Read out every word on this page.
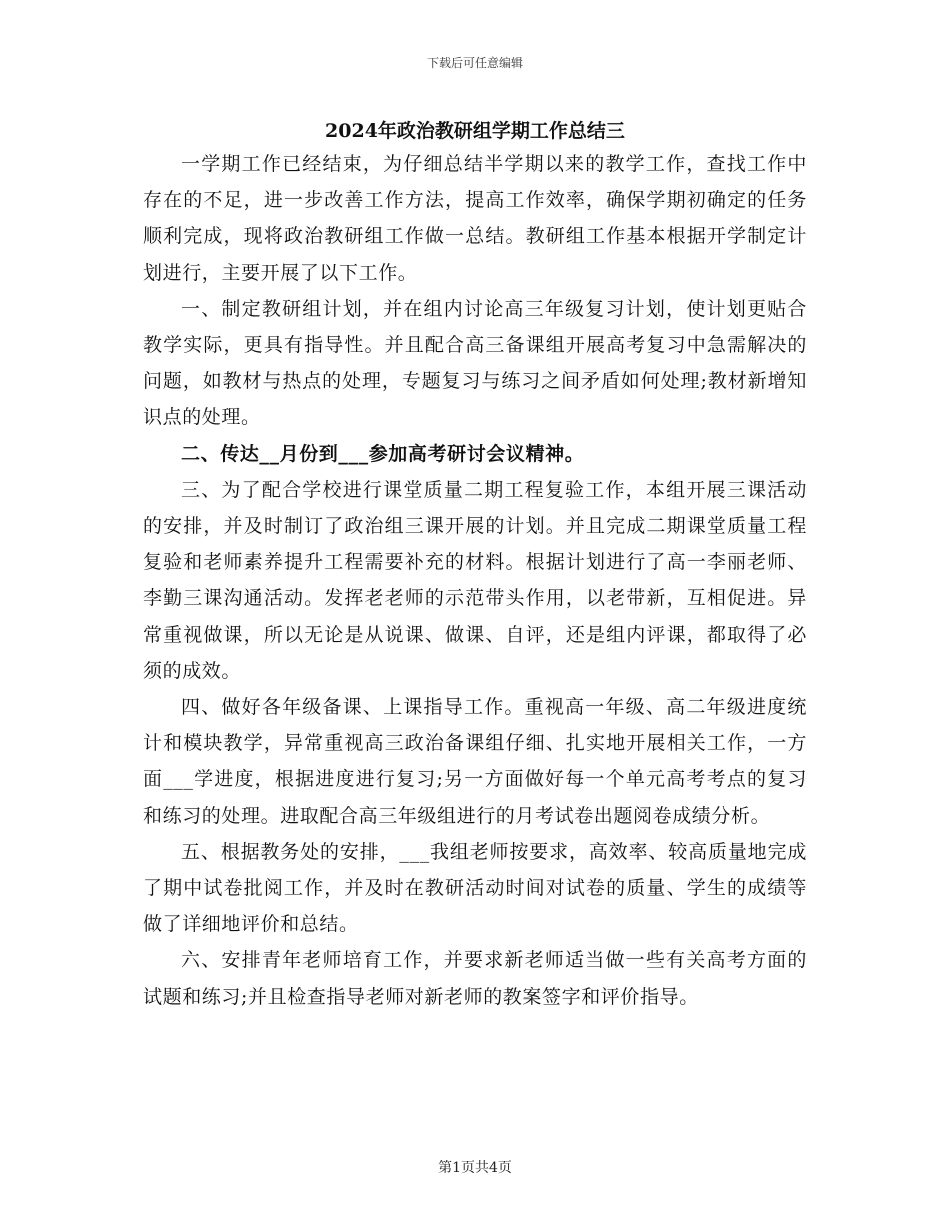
下载后可任意编辑
2024年政治教研组学期工作总结三

一学期工作已经结束，为仔细总结半学期以来的教学工作，查找工作中存在的不足，进一步改善工作方法，提高工作效率，确保学期初确定的任务顺利完成，现将政治教研组工作做一总结。教研组工作基本根据开学制定计划进行，主要开展了以下工作。

一、制定教研组计划，并在组内讨论高三年级复习计划，使计划更贴合教学实际，更具有指导性。并且配合高三备课组开展高考复习中急需解决的问题，如教材与热点的处理，专题复习与练习之间矛盾如何处理;教材新增知识点的处理。

二、传达__月份到___参加高考研讨会议精神。

三、为了配合学校进行课堂质量二期工程复验工作，本组开展三课活动的安排，并及时制订了政治组三课开展的计划。并且完成二期课堂质量工程复验和老师素养提升工程需要补充的材料。根据计划进行了高一李丽老师、李勤三课沟通活动。发挥老老师的示范带头作用，以老带新，互相促进。异常重视做课，所以无论是从说课、做课、自评，还是组内评课，都取得了必须的成效。

四、做好各年级备课、上课指导工作。重视高一年级、高二年级进度统计和模块教学，异常重视高三政治备课组仔细、扎实地开展相关工作，一方面___学进度，根据进度进行复习;另一方面做好每一个单元高考考点的复习和练习的处理。进取配合高三年级组进行的月考试卷出题阅卷成绩分析。

五、根据教务处的安排，___我组老师按要求，高效率、较高质量地完成了期中试卷批阅工作，并及时在教研活动时间对试卷的质量、学生的成绩等做了详细地评价和总结。

六、安排青年老师培育工作，并要求新老师适当做一些有关高考方面的试题和练习;并且检查指导老师对新老师的教案签字和评价指导。

第1页共4页
